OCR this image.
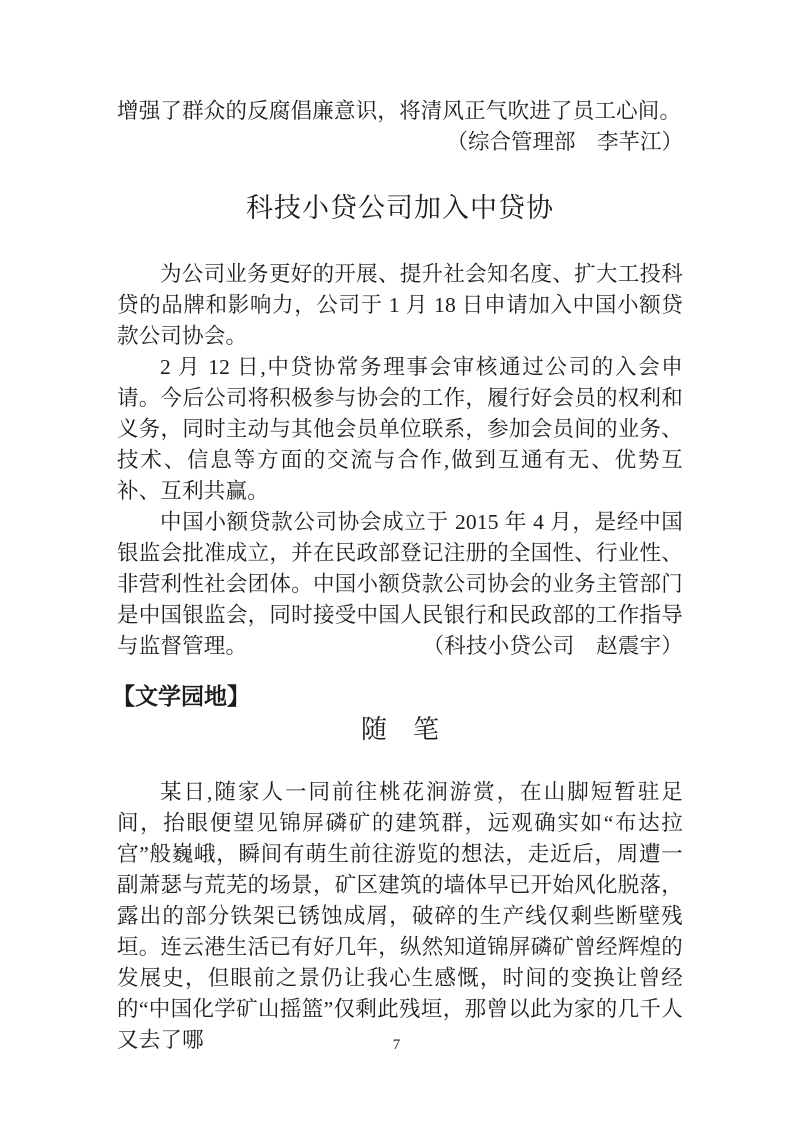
增强了群众的反腐倡廉意识，将清风正气吹进了员工心间。

（综合管理部　李芊江）

科技小贷公司加入中贷协

为公司业务更好的开展、提升社会知名度、扩大工投科贷的品牌和影响力，公司于 1 月 18 日申请加入中国小额贷款公司协会。

2 月 12 日,中贷协常务理事会审核通过公司的入会申请。今后公司将积极参与协会的工作，履行好会员的权利和义务，同时主动与其他会员单位联系，参加会员间的业务、技术、信息等方面的交流与合作,做到互通有无、优势互补、互利共赢。

中国小额贷款公司协会成立于 2015 年 4 月，是经中国银监会批准成立，并在民政部登记注册的全国性、行业性、非营利性社会团体。中国小额贷款公司协会的业务主管部门是中国银监会，同时接受中国人民银行和民政部的工作指导与监督管理。	（科技小贷公司　赵震宇）

【文学园地】
随　笔

某日,随家人一同前往桃花涧游赏，在山脚短暂驻足间，抬眼便望见锦屏磷矿的建筑群，远观确实如“布达拉宫”般巍峨，瞬间有萌生前往游览的想法，走近后，周遭一副萧瑟与荒芜的场景，矿区建筑的墙体早已开始风化脱落，露出的部分铁架已锈蚀成屑，破碎的生产线仅剩些断壁残垣。连云港生活已有好几年，纵然知道锦屏磷矿曾经辉煌的发展史，但眼前之景仍让我心生感慨，时间的变换让曾经的“中国化学矿山摇篮”仅剩此残垣，那曾以此为家的几千人又去了哪	7
